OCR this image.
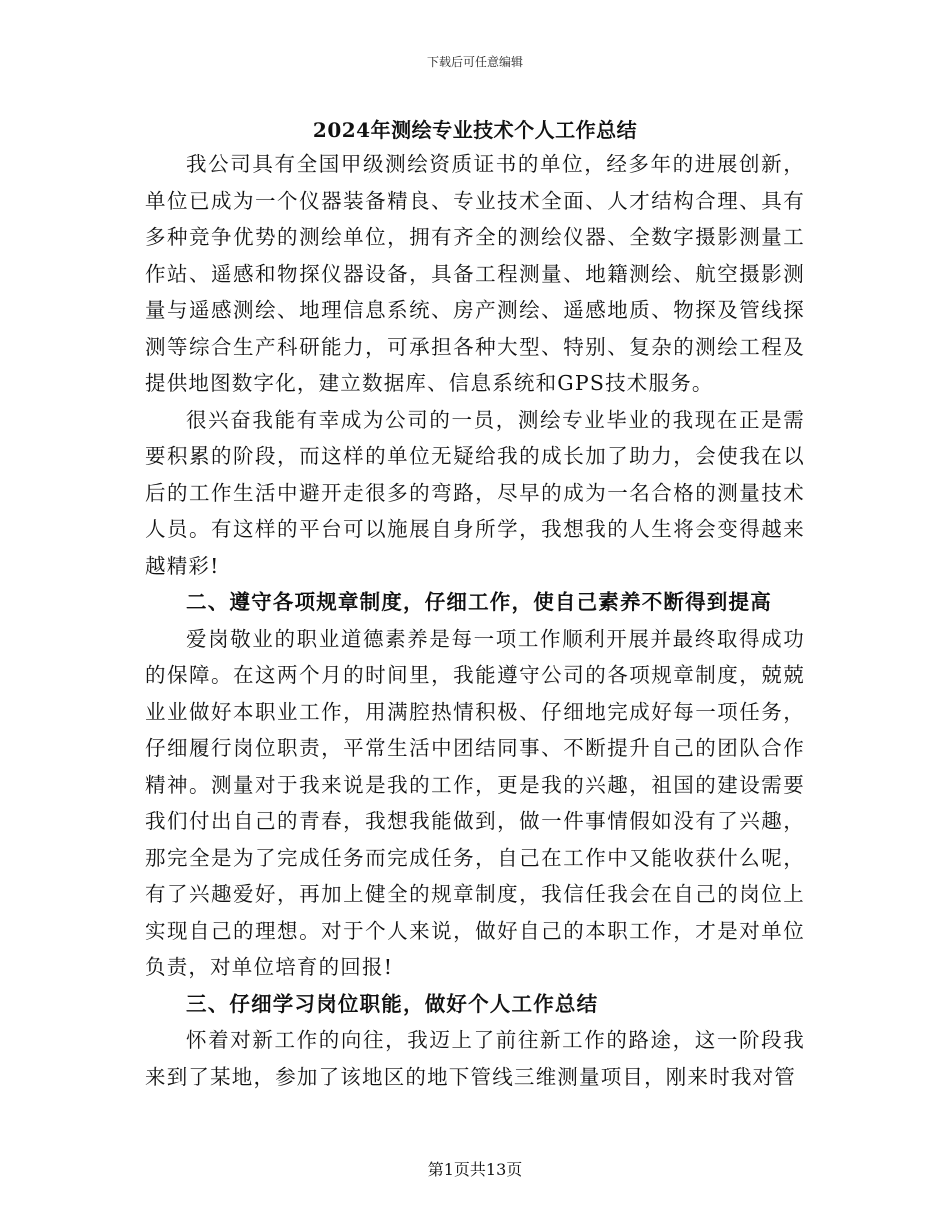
下载后可任意编辑
2024年测绘专业技术个人工作总结

我公司具有全国甲级测绘资质证书的单位，经多年的进展创新，单位已成为一个仪器装备精良、专业技术全面、人才结构合理、具有多种竞争优势的测绘单位，拥有齐全的测绘仪器、全数字摄影测量工作站、遥感和物探仪器设备，具备工程测量、地籍测绘、航空摄影测量与遥感测绘、地理信息系统、房产测绘、遥感地质、物探及管线探测等综合生产科研能力，可承担各种大型、特别、复杂的测绘工程及提供地图数字化，建立数据库、信息系统和GPS技术服务。

很兴奋我能有幸成为公司的一员，测绘专业毕业的我现在正是需要积累的阶段，而这样的单位无疑给我的成长加了助力，会使我在以后的工作生活中避开走很多的弯路，尽早的成为一名合格的测量技术人员。有这样的平台可以施展自身所学，我想我的人生将会变得越来越精彩!

二、遵守各项规章制度，仔细工作，使自己素养不断得到提高

爱岗敬业的职业道德素养是每一项工作顺利开展并最终取得成功的保障。在这两个月的时间里，我能遵守公司的各项规章制度，兢兢业业做好本职业工作，用满腔热情积极、仔细地完成好每一项任务，仔细履行岗位职责，平常生活中团结同事、不断提升自己的团队合作精神。测量对于我来说是我的工作，更是我的兴趣，祖国的建设需要我们付出自己的青春，我想我能做到，做一件事情假如没有了兴趣，那完全是为了完成任务而完成任务，自己在工作中又能收获什么呢，有了兴趣爱好，再加上健全的规章制度，我信任我会在自己的岗位上实现自己的理想。对于个人来说，做好自己的本职工作，才是对单位负责，对单位培育的回报!

三、仔细学习岗位职能，做好个人工作总结

怀着对新工作的向往，我迈上了前往新工作的路途，这一阶段我来到了某地，参加了该地区的地下管线三维测量项目，刚来时我对管

第1页共13页
